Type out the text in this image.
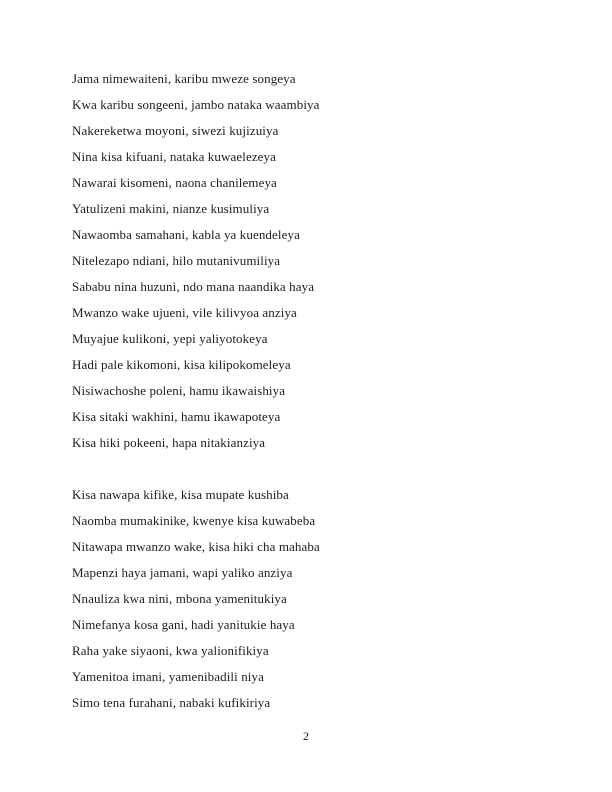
Jama nimewaiteni, karibu mweze songeya
Kwa karibu songeeni, jambo nataka waambiya
Nakereketwa moyoni, siwezi kujizuiya
Nina kisa kifuani, nataka kuwaelezeya
Nawarai kisomeni, naona chanilemeya
Yatulizeni makini, nianze kusimuliya
Nawaomba samahani, kabla ya kuendeleya
Nitelezapo ndiani, hilo mutanivumiliya
Sababu nina huzuni, ndo mana naandika haya
Mwanzo wake ujueni, vile kilivyoa anziya
Muyajue kulikoni, yepi yaliyotokeya
Hadi pale kikomoni, kisa kilipokomeleya
Nisiwachoshe poleni, hamu ikawaishiya
Kisa sitaki wakhini, hamu ikawapoteya
Kisa hiki pokeeni, hapa nitakianziya
Kisa nawapa kifike, kisa mupate kushiba
Naomba mumakinike, kwenye kisa kuwabeba
Nitawapa mwanzo wake, kisa hiki cha mahaba
Mapenzi haya jamani, wapi yaliko anziya
Nnauliza kwa nini, mbona yamenitukiya
Nimefanya kosa gani, hadi yanitukie haya
Raha yake siyaoni, kwa yalionifikiya
Yamenitoa imani, yamenibadili niya
Simo tena furahani, nabaki kufikiriya
2
